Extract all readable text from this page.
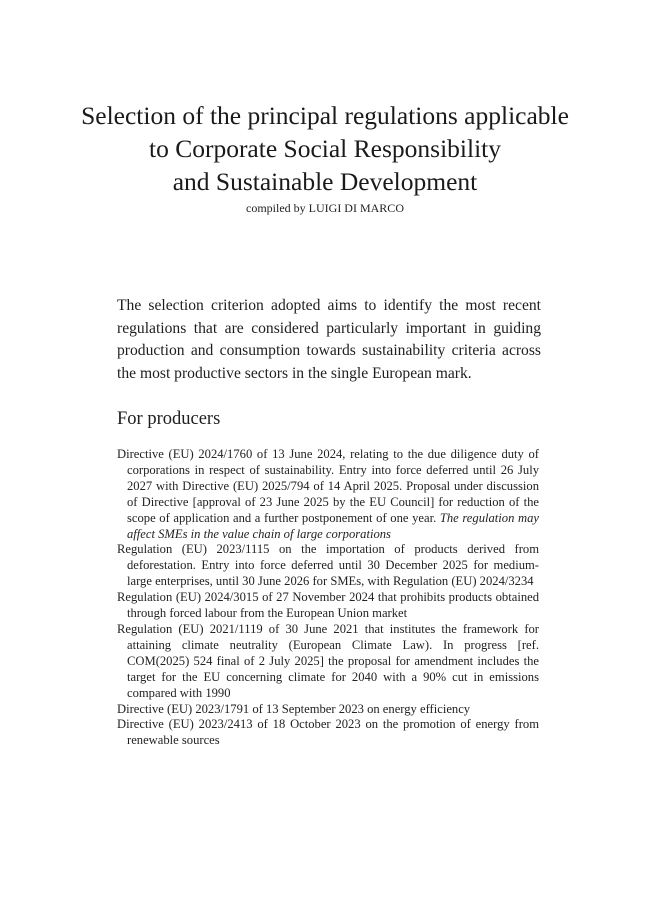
Selection of the principal regulations applicable
to Corporate Social Responsibility
and Sustainable Development
compiled by LUIGI DI MARCO

The selection criterion adopted aims to identify the most recent regulations that are considered particularly important in guiding production and consumption towards sustainability criteria across the most productive sectors in the single European mark.

For producers
Directive (EU) 2024/1760 of 13 June 2024, relating to the due diligence duty of corporations in respect of sustainability. Entry into force deferred until 26 July 2027 with Directive (EU) 2025/794 of 14 April 2025. Proposal under discussion of Directive [approval of 23 June 2025 by the EU Council] for reduction of the scope of application and a further postponement of one year. The regulation may affect SMEs in the value chain of large corporations
Regulation (EU) 2023/1115 on the importation of products derived from deforestation. Entry into force deferred until 30 December 2025 for medium-large enterprises, until 30 June 2026 for SMEs, with Regulation (EU) 2024/3234
Regulation (EU) 2024/3015 of 27 November 2024 that prohibits products obtained through forced labour from the European Union market
Regulation (EU) 2021/1119 of 30 June 2021 that institutes the framework for attaining climate neutrality (European Climate Law). In progress [ref. COM(2025) 524 final of 2 July 2025] the proposal for amendment includes the target for the EU concerning climate for 2040 with a 90% cut in emissions compared with 1990
Directive (EU) 2023/1791 of 13 September 2023 on energy efficiency
Directive (EU) 2023/2413 of 18 October 2023 on the promotion of energy from renewable sources
